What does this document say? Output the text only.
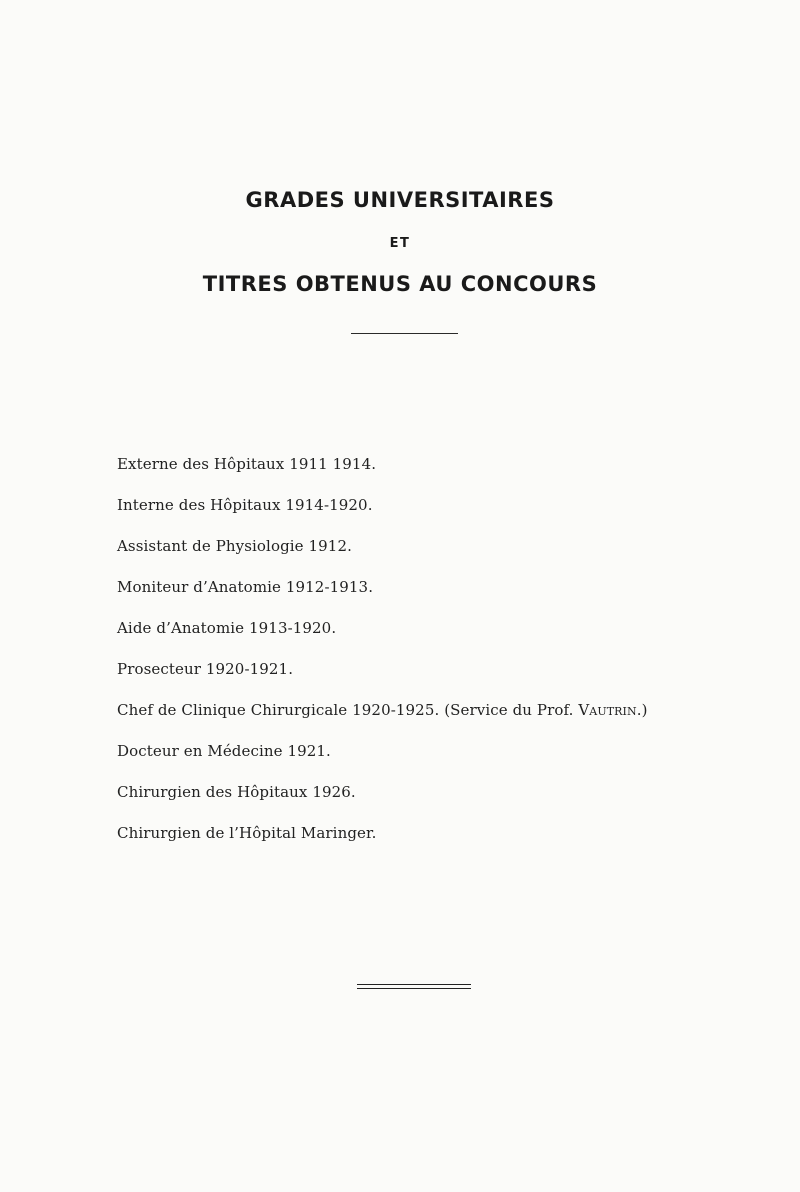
GRADES UNIVERSITAIRES
ET
TITRES OBTENUS AU CONCOURS
Externe des Hôpitaux 1911 1914.
Interne des Hôpitaux 1914-1920.
Assistant de Physiologie 1912.
Moniteur d’Anatomie 1912-1913.
Aide d’Anatomie 1913-1920.
Prosecteur 1920-1921.
Chef de Clinique Chirurgicale 1920-1925. (Service du Prof. Vautrin.)
Docteur en Médecine 1921.
Chirurgien des Hôpitaux 1926.
Chirurgien de l’Hôpital Maringer.
